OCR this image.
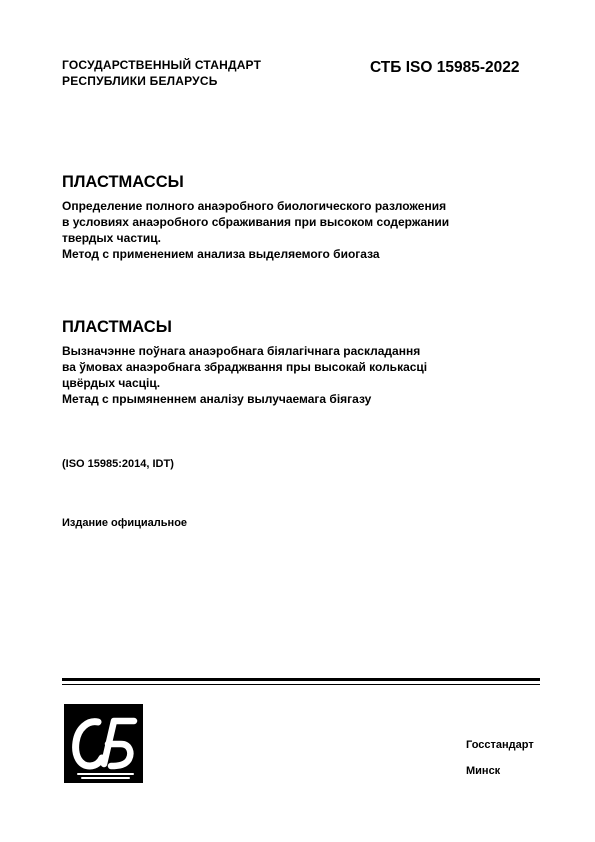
ГОСУДАРСТВЕННЫЙ СТАНДАРТ
РЕСПУБЛИКИ БЕЛАРУСЬ
СТБ ISO 15985-2022
ПЛАСТМАССЫ
Определение полного анаэробного биологического разложения
в условиях анаэробного сбраживания при высоком содержании
твердых частиц.
Метод с применением анализа выделяемого биогаза
ПЛАСТМАСЫ
Вызначэнне поўнага анаэробнага біялагічнага раскладання
ва ўмовах анаэробнага збраджвання пры высокай колькасці
цвёрдых часціц.
Метад с прымяненнем аналізу вылучаемага біягазу
(ISO 15985:2014, IDT)
Издание официальное
Госстандарт
Минск
